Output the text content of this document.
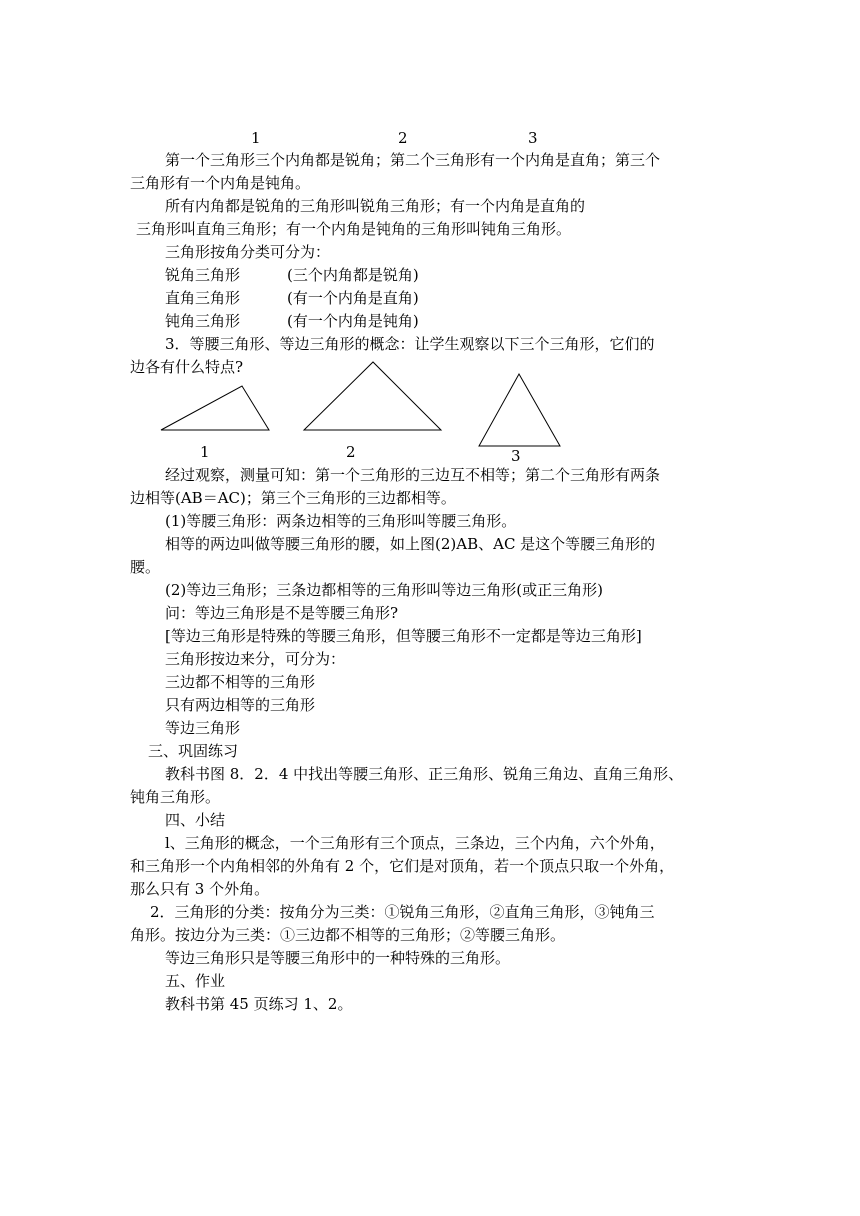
1	2	3
第一个三角形三个内角都是锐角；第二个三角形有一个内角是直角；第三个
三角形有一个内角是钝角。
所有内角都是锐角的三角形叫锐角三角形；有一个内角是直角的
三角形叫直角三角形；有一个内角是钝角的三角形叫钝角三角形。
三角形按角分类可分为：
锐角三角形	(三个内角都是锐角)
直角三角形	(有一个内角是直角)
钝角三角形	(有一个内角是钝角)
3．等腰三角形、等边三角形的概念：让学生观察以下三个三角形，它们的
边各有什么特点?
1	2	3
经过观察，测量可知：第一个三角形的三边互不相等；第二个三角形有两条
边相等(AB＝AC)；第三个三角形的三边都相等。
(1)等腰三角形：两条边相等的三角形叫等腰三角形。
相等的两边叫做等腰三角形的腰，如上图(2)AB、AC 是这个等腰三角形的
腰。
(2)等边三角形；三条边都相等的三角形叫等边三角形(或正三角形)
问：等边三角形是不是等腰三角形?
[等边三角形是特殊的等腰三角形，但等腰三角形不一定都是等边三角形]
三角形按边来分，可分为：
三边都不相等的三角形
只有两边相等的三角形
等边三角形
三、巩固练习
教科书图 8．2．4 中找出等腰三角形、正三角形、锐角三角边、直角三角形、
钝角三角形。
四、小结
l、三角形的概念，一个三角形有三个顶点，三条边，三个内角，六个外角，
和三角形一个内角相邻的外角有 2 个，它们是对顶角，若一个顶点只取一个外角，
那么只有 3 个外角。
2．三角形的分类：按角分为三类：①锐角三角形，②直角三角形，③钝角三
角形。按边分为三类：①三边都不相等的三角形；②等腰三角形。
等边三角形只是等腰三角形中的一种特殊的三角形。
五、作业
教科书第 45 页练习 1、2。
